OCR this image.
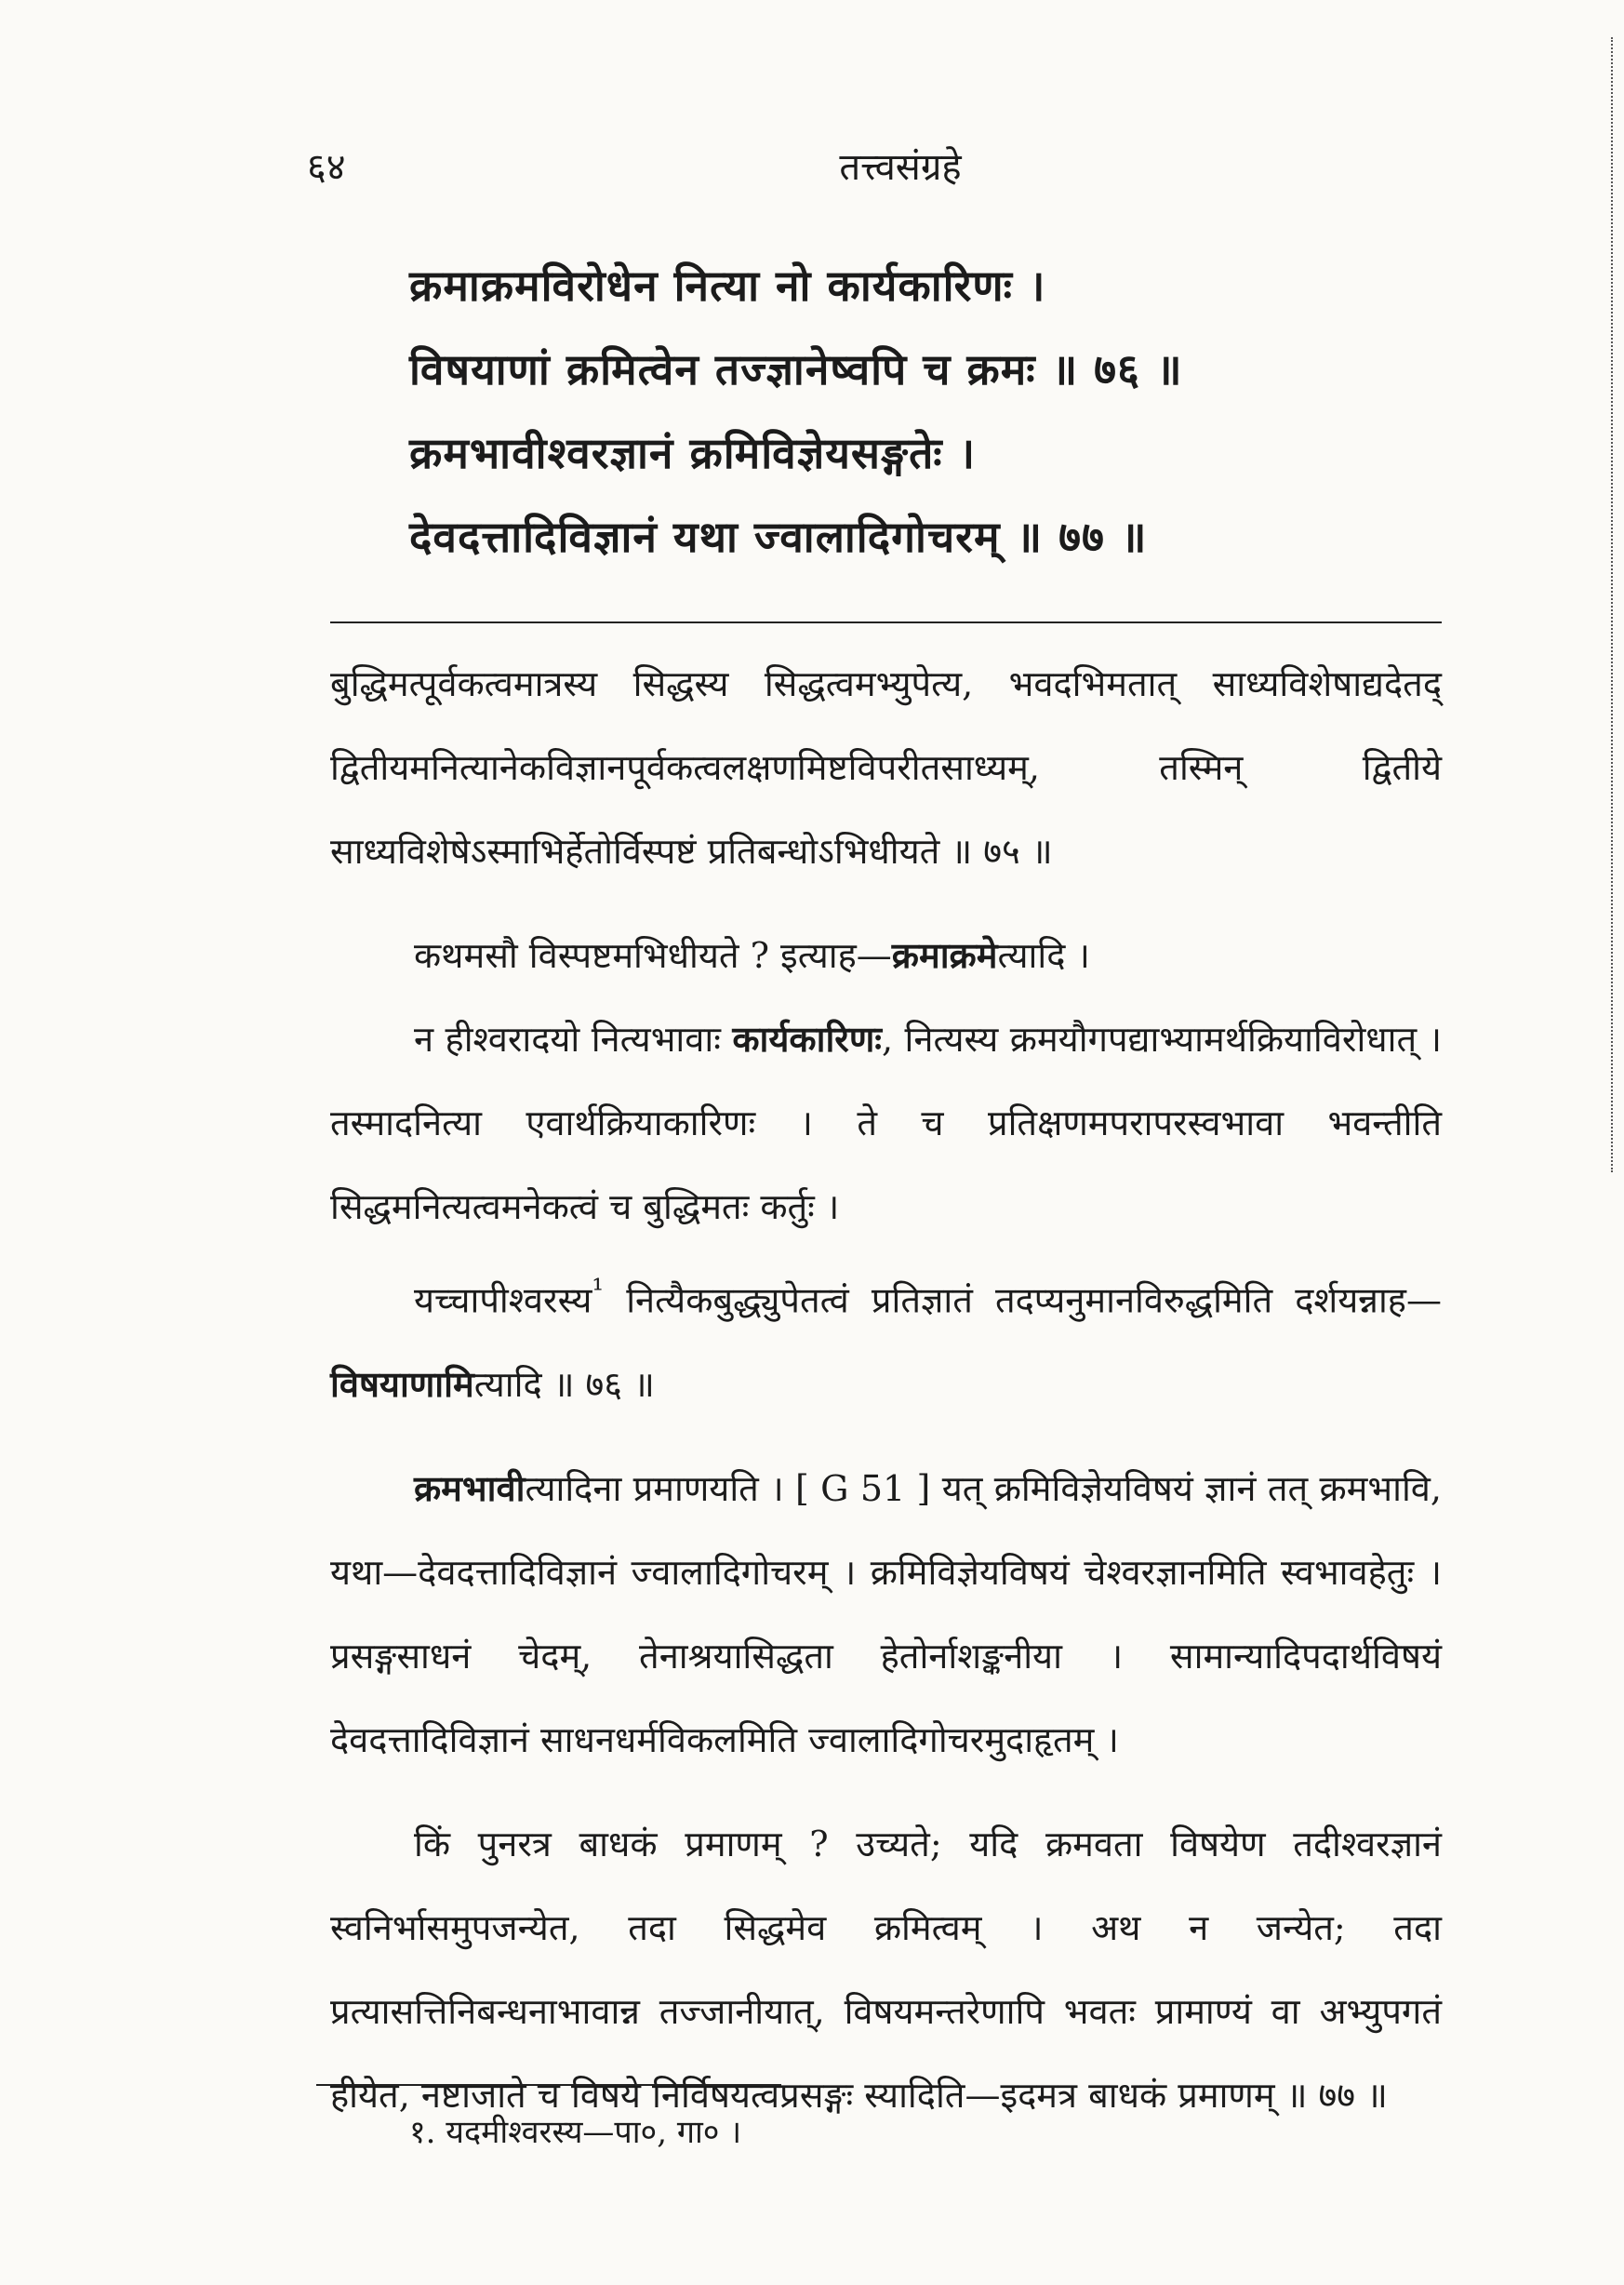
६४	तत्त्वसंग्रहे
क्रमाक्रमविरोधेन नित्या नो कार्यकारिणः ।
विषयाणां क्रमित्वेन तज्ज्ञानेष्वपि च क्रमः ॥ ७६ ॥
क्रमभावीश्वरज्ञानं क्रमिविज्ञेयसङ्गतेः ।
देवदत्तादिविज्ञानं यथा ज्वालादिगोचरम् ॥ ७७ ॥

बुद्धिमत्पूर्वकत्वमात्रस्य सिद्धस्य सिद्धत्वमभ्युपेत्य, भवदभिमतात् साध्यविशेषाद्यदेतद् द्वितीयमनित्यानेकविज्ञानपूर्वकत्वलक्षणमिष्टविपरीतसाध्यम्, तस्मिन् द्वितीये साध्यविशेषेऽस्माभिर्हेतोर्विस्पष्टं प्रतिबन्धोऽभिधीयते ॥ ७५ ॥

कथमसौ विस्पष्टमभिधीयते ? इत्याह—क्रमाक्रमेत्यादि ।

न हीश्वरादयो नित्यभावाः कार्यकारिणः, नित्यस्य क्रमयौगपद्याभ्यामर्थक्रियाविरोधात् । तस्मादनित्या एवार्थक्रियाकारिणः । ते च प्रतिक्षणमपरापरस्वभावा भवन्तीति सिद्धमनित्यत्वमनेकत्वं च बुद्धिमतः कर्तुः ।

यच्चापीश्वरस्य$^{^1}$ नित्यैकबुद्ध्युपेतत्वं प्रतिज्ञातं तदप्यनुमानविरुद्धमिति दर्शयन्नाह—विषयाणामित्यादि ॥ ७६ ॥

क्रमभावीत्यादिना प्रमाणयति । [ G 51 ] यत् क्रमिविज्ञेयविषयं ज्ञानं तत् क्रमभावि, यथा—देवदत्तादिविज्ञानं ज्वालादिगोचरम् । क्रमिविज्ञेयविषयं चेश्वरज्ञानमिति स्वभावहेतुः । प्रसङ्गसाधनं चेदम्, तेनाश्रयासिद्धता हेतोर्नाशङ्कनीया । सामान्यादिपदार्थविषयं देवदत्तादिविज्ञानं साधनधर्मविकलमिति ज्वालादिगोचरमुदाहृतम् ।

किं पुनरत्र बाधकं प्रमाणम् ? उच्यते; यदि क्रमवता विषयेण तदीश्वरज्ञानं स्वनिर्भासमुपजन्येत, तदा सिद्धमेव क्रमित्वम् । अथ न जन्येत; तदा प्रत्यासत्तिनिबन्धनाभावान्न तज्जानीयात्, विषयमन्तरेणापि भवतः प्रामाण्यं वा अभ्युपगतं हीयेत, नष्टाजाते च विषये निर्विषयत्वप्रसङ्गः स्यादिति—इदमत्र बाधकं प्रमाणम् ॥ ७७ ॥

१. यदमीश्वरस्य—पा०, गा० ।
